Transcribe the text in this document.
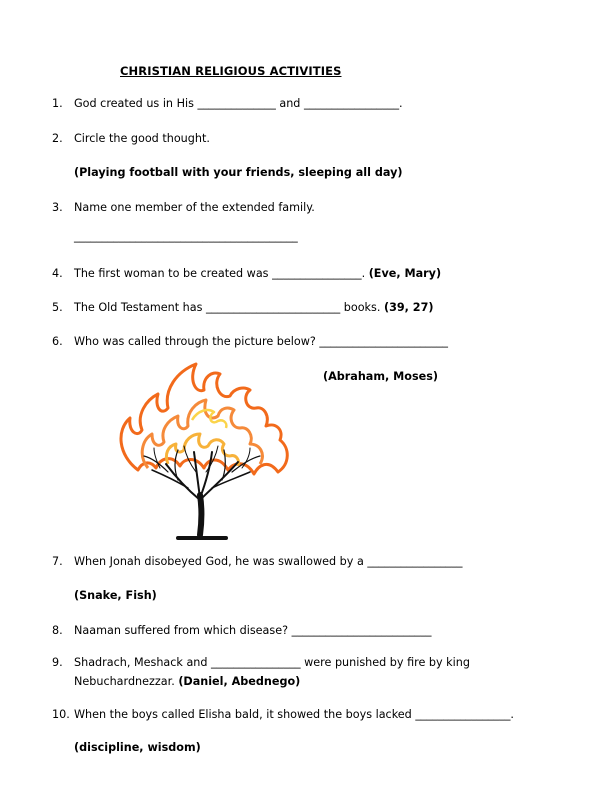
CHRISTIAN RELIGIOUS ACTIVITIES
1.	God created us in His ______________ and _________________.
2.	Circle the good thought.
(Playing football with your friends, sleeping all day)
3.	Name one member of the extended family.
________________________________________
4.	The first woman to be created was ________________. (Eve, Mary)
5.	The Old Testament has ________________________ books. (39, 27)
6.	Who was called through the picture below? _______________________
(Abraham, Moses)
7.	When Jonah disobeyed God, he was swallowed by a _________________
(Snake, Fish)
8.	Naaman suffered from which disease? _________________________
9.	Shadrach, Meshack and ________________ were punished by fire by king
Nebuchardnezzar. (Daniel, Abednego)
10. When the boys called Elisha bald, it showed the boys lacked _________________.
(discipline, wisdom)
